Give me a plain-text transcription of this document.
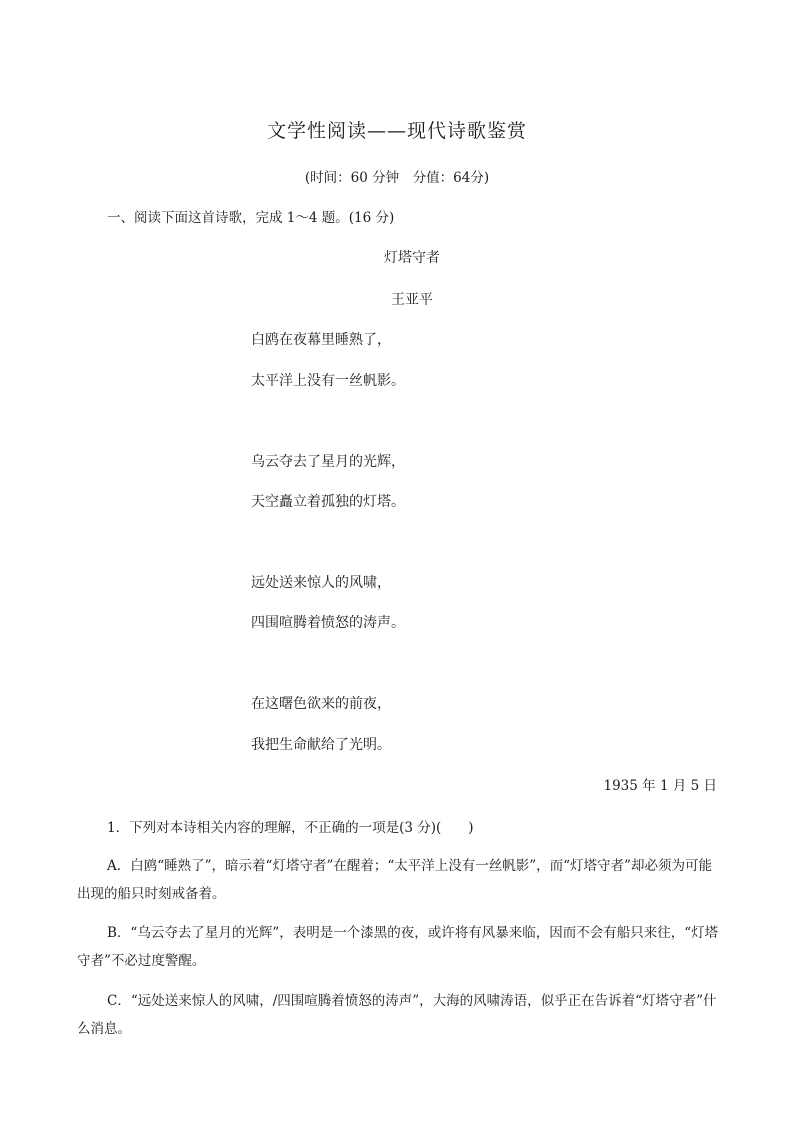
文学性阅读——现代诗歌鉴赏
(时间：60 分钟　分值：64分)
一、阅读下面这首诗歌，完成 1～4 题。(16 分)
灯塔守者
王亚平
白鸥在夜幕里睡熟了，
太平洋上没有一丝帆影。
乌云夺去了星月的光辉，
天空矗立着孤独的灯塔。
远处送来惊人的风啸，
四围喧腾着愤怒的涛声。
在这曙色欲来的前夜，
我把生命献给了光明。
1935 年 1 月 5 日
1．下列对本诗相关内容的理解，不正确的一项是(3 分)(　　)
A．白鸥“睡熟了”，暗示着“灯塔守者”在醒着；“太平洋上没有一丝帆影”，而“灯塔守者”却必须为可能出现的船只时刻戒备着。
B．“乌云夺去了星月的光辉”，表明是一个漆黑的夜，或许将有风暴来临，因而不会有船只来往，“灯塔守者”不必过度警醒。
C．“远处送来惊人的风啸，/四围喧腾着愤怒的涛声”，大海的风啸涛语，似乎正在告诉着“灯塔守者”什么消息。
